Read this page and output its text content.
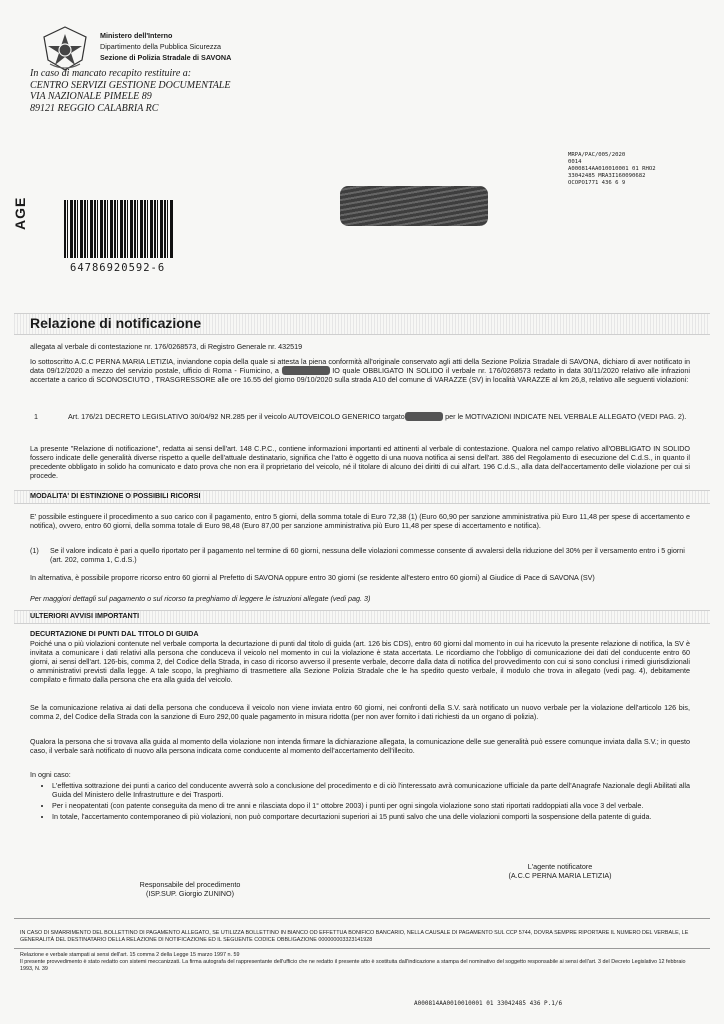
Ministero dell'Interno
Dipartimento della Pubblica Sicurezza
Sezione di Polizia Stradale di SAVONA
In caso di mancato recapito restituire a:
CENTRO SERVIZI GESTIONE DOCUMENTALE
VIA NAZIONALE PIMELE 89
89121 REGGIO CALABRIA RC
MRPA/PAC/005/2020
0014
A000814AA010010001 01 RHO2
33042485 MRA3I160090682
OCOPO1771 436 6 9
AGE
64786920592-6
Relazione di notificazione
allegata al verbale di contestazione nr. 176/0268573, di Registro Generale nr. 432519
Io sottoscritto A.C.C PERNA MARIA LETIZIA, inviandone copia della quale si attesta la piena conformità all'originale conservato agli atti della Sezione Polizia Stradale di SAVONA, dichiaro di aver notificato in data 09/12/2020 a mezzo del servizio postale, ufficio di Roma - Fiumicino, a	IO quale OBBLIGATO IN SOLIDO il verbale nr. 176/0268573 redatto in data 30/11/2020 relativo alle infrazioni accertate a carico di SCONOSCIUTO , TRASGRESSORE alle ore 16.55 del giorno 09/10/2020 sulla strada A10 del comune di VARAZZE (SV) in località VARAZZE al km 26,8, relativo alle seguenti violazioni:
1	Art. 176/21 DECRETO LEGISLATIVO 30/04/92 NR.285 per il veicolo AUTOVEICOLO GENERICO targato	per le MOTIVAZIONI INDICATE NEL VERBALE ALLEGATO (VEDI PAG. 2).
La presente "Relazione di notificazione", redatta ai sensi dell'art. 148 C.P.C., contiene informazioni importanti ed attinenti al verbale di contestazione. Qualora nel campo relativo all'OBBLIGATO IN SOLIDO fossero indicate delle generalità diverse rispetto a quelle dell'attuale destinatario, significa che l'atto è oggetto di una nuova notifica ai sensi dell'art. 386 del Regolamento di esecuzione del C.d.S., in quanto il precedente obbligato in solido ha comunicato e dato prova che non era il proprietario del veicolo, né il titolare di alcuno dei diritti di cui all'art. 196 C.d.S., alla data dell'accertamento delle violazione per cui si procede.
MODALITA' DI ESTINZIONE O POSSIBILI RICORSI
E' possibile estinguere il procedimento a suo carico con il pagamento, entro 5 giorni, della somma totale di Euro 72,38 (1) (Euro 60,90 per sanzione amministrativa più Euro 11,48 per spese di accertamento e notifica), ovvero, entro 60 giorni, della somma totale di Euro 98,48 (Euro 87,00 per sanzione amministrativa più Euro 11,48 per spese di accertamento e notifica).
(1) Se il valore indicato è pari a quello riportato per il pagamento nel termine di 60 giorni, nessuna delle violazioni commesse consente di avvalersi della riduzione del 30% per il versamento entro i 5 giorni (art. 202, comma 1, C.d.S.)
In alternativa, è possibile proporre ricorso entro 60 giorni al Prefetto di SAVONA oppure entro 30 giorni (se residente all'estero entro 60 giorni) al Giudice di Pace di SAVONA (SV)
Per maggiori dettagli sul pagamento o sul ricorso ta preghiamo di leggere le istruzioni allegate (vedi pag. 3)
ULTERIORI AVVISI IMPORTANTI
DECURTAZIONE DI PUNTI DAL TITOLO DI GUIDA
Poiché una o più violazioni contenute nel verbale comporta la decurtazione di punti dal titolo di guida (art. 126 bis CDS), entro 60 giorni dal momento in cui ha ricevuto la presente relazione di notifica, la SV è invitata a comunicare i dati relativi alla persona che conduceva il veicolo nel momento in cui la violazione è stata accertata. Le ricordiamo che l'obbligo di comunicazione dei dati del conducente entro 60 giorni, ai sensi dell'art. 126-bis, comma 2, del Codice della Strada, in caso di ricorso avverso il presente verbale, decorre dalla data di notifica del provvedimento con cui si sono conclusi i rimedi giurisdizionali o amministrativi previsti dalla legge. A tale scopo, la preghiamo di trasmettere alla Sezione Polizia Stradale che le ha spedito questo verbale, il modulo che trova in allegato (vedi pag. 4), debitamente compilato e firmato dalla persona che era alla guida del veicolo.
Se la comunicazione relativa ai dati della persona che conduceva il veicolo non viene inviata entro 60 giorni, nei confronti della S.V. sarà notificato un nuovo verbale per la violazione dell'articolo 126 bis, comma 2, del Codice della Strada con la sanzione di Euro 292,00 quale pagamento in misura ridotta (per non aver fornito i dati richiesti da un organo di polizia).
Qualora la persona che si trovava alla guida al momento della violazione non intenda firmare la dichiarazione allegata, la comunicazione delle sue generalità può essere comunque inviata dalla S.V.; in questo caso, il verbale sarà notificato di nuovo alla persona indicata come conducente al momento dell'accertamento dell'illecito.
In ogni caso:
• L'effettiva sottrazione dei punti a carico del conducente avverrà solo a conclusione del procedimento e di ciò l'interessato avrà comunicazione ufficiale da parte dell'Anagrafe Nazionale degli Abilitati alla Guida del Ministero delle Infrastrutture e dei Trasporti.
• Per i neopatentati (con patente conseguita da meno di tre anni e rilasciata dopo il 1° ottobre 2003) i punti per ogni singola violazione sono stati riportati raddoppiati alla voce 3 del verbale.
• In totale, l'accertamento contemporaneo di più violazioni, non può comportare decurtazioni superiori ai 15 punti salvo che una delle violazioni comporti la sospensione della patente di guida.
L'agente notificatore
(A.C.C PERNA MARIA LETIZIA)
Responsabile del procedimento
(ISP.SUP. Giorgio ZUNINO)
IN CASO DI SMARRIMENTO DEL BOLLETTINO DI PAGAMENTO ALLEGATO, SE UTILIZZA BOLLETTINO IN BIANCO OD EFFETTUA BONIFICO BANCARIO, NELLA CAUSALE DI PAGAMENTO SUL CCP 5744, DOVRA SEMPRE RIPORTARE IL NUMERO DEL VERBALE, LE GENERALITÀ DEL DESTINATARIO DELLA RELAZIONE DI NOTIFICAZIONE ED IL SEGUENTE CODICE OBBLIGAZIONE 000000003323141928
Relazione e verbale stampati ai sensi dell'art. 15 comma 2 della Legge 15 marzo 1997 n. 59
Il presente provvedimento è stato redatto con sistemi meccanizzati. La firma autografa del rappresentante dell'ufficio che ne redatto il presente atto è sostituita dall'indicazione a stampa del nominativo del soggetto responsabile ai sensi dell'art. 3 del Decreto Legislativo 12 febbraio 1993, N. 39
A000814AA0010010001 01 33042485 436 P.1/6
